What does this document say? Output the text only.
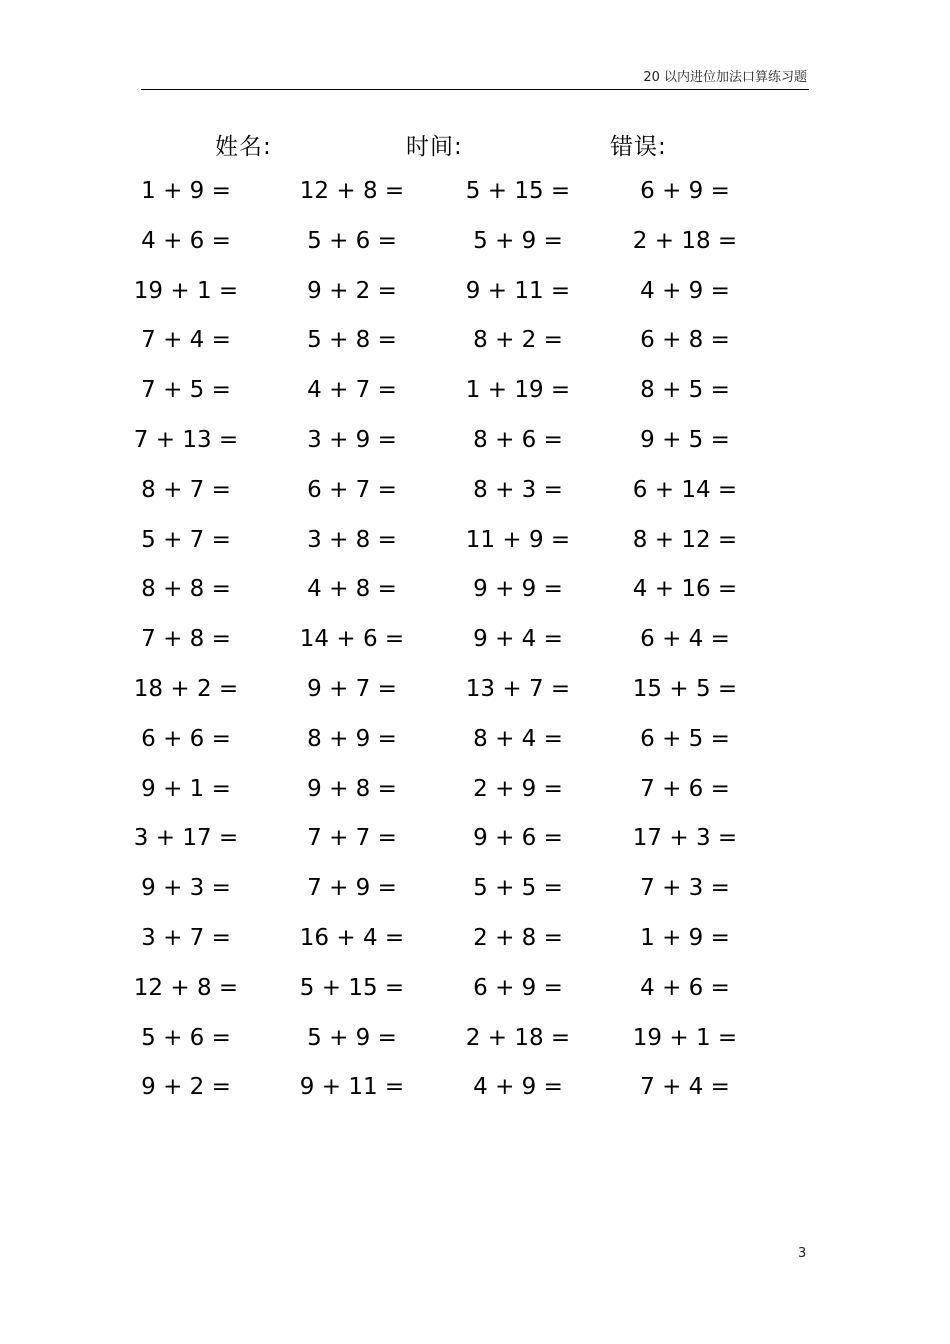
20 以内进位加法口算练习题
姓名:	时间:	错误:
1 + 9 =	12 + 8 =	5 + 15 =	6 + 9 =
4 + 6 =	5 + 6 =	5 + 9 =	2 + 18 =
19 + 1 =	9 + 2 =	9 + 11 =	4 + 9 =
7 + 4 =	5 + 8 =	8 + 2 =	6 + 8 =
7 + 5 =	4 + 7 =	1 + 19 =	8 + 5 =
7 + 13 =	3 + 9 =	8 + 6 =	9 + 5 =
8 + 7 =	6 + 7 =	8 + 3 =	6 + 14 =
5 + 7 =	3 + 8 =	11 + 9 =	8 + 12 =
8 + 8 =	4 + 8 =	9 + 9 =	4 + 16 =
7 + 8 =	14 + 6 =	9 + 4 =	6 + 4 =
18 + 2 =	9 + 7 =	13 + 7 =	15 + 5 =
6 + 6 =	8 + 9 =	8 + 4 =	6 + 5 =
9 + 1 =	9 + 8 =	2 + 9 =	7 + 6 =
3 + 17 =	7 + 7 =	9 + 6 =	17 + 3 =
9 + 3 =	7 + 9 =	5 + 5 =	7 + 3 =
3 + 7 =	16 + 4 =	2 + 8 =	1 + 9 =
12 + 8 =	5 + 15 =	6 + 9 =	4 + 6 =
5 + 6 =	5 + 9 =	2 + 18 =	19 + 1 =
9 + 2 =	9 + 11 =	4 + 9 =	7 + 4 =
3
